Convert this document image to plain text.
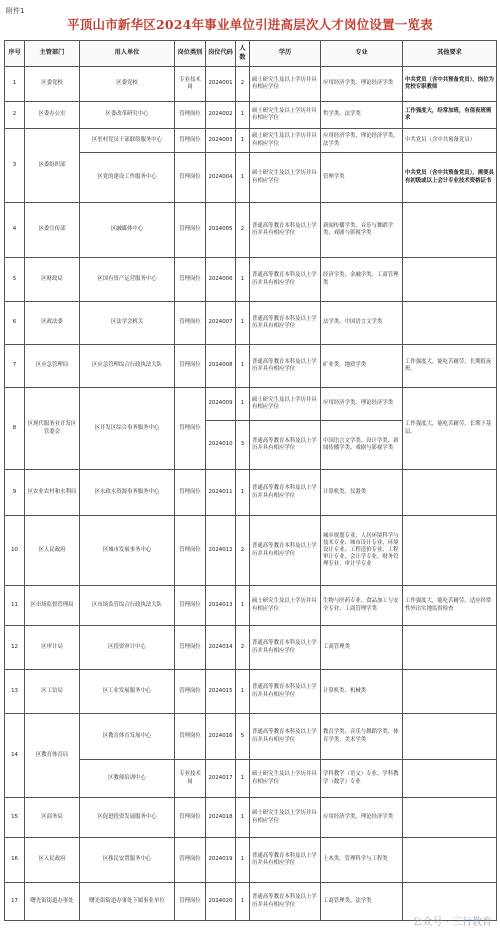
附件1
平顶山市新华区2024年事业单位引进高层次人才岗位设置一览表
序号	主管部门	用人单位	岗位类别	岗位代码	人数	学历	专业	其他要求
1	区委党校	区委党校	专业技术岗	2024001	2	硕士研究生及以上学历并具有相应学位	应用经济学类、理论经济学类	中共党员（含中共预备党员），岗位为党校专职教师
2	区委办公室	区委改革研究中心	管理岗位	2024002	1	硕士研究生及以上学历并具有相应学位	哲学类、法学类	工作强度大，经常加班，有值夜班需求
3	区委组织部	区驻村党员干部联络服务中心	管理岗位	2024003	1	硕士研究生及以上学历并具有相应学位	应用经济学类、理论经济学类、法学类	中共党员（含中共预备党员）
		区党的建设工作服务中心	管理岗位	2024004	1	硕士研究生及以上学历并具有相应学位	管理学类	中共党员（含中共预备党员），需要具有初级或以上会计专业技术资格证书
4	区委宣传部	区融媒体中心	管理岗位	2024005	2	普通高等教育本科及以上学历并具有相应学位	新闻传播学类、音乐与舞蹈学类、戏剧与影视学类	
5	区财政局	区国有资产运营服务中心	管理岗位	2024006	1	普通高等教育本科及以上学历并具有相应学位	经济学类、金融学类、工商管理类	
6	区政法委	区法学会机关	管理岗位	2024007	1	普通高等教育本科及以上学历并具有相应学位	法学类、中国语言文学类	
7	区应急管理局	区应急管理综合行政执法大队	管理岗位	2024008	1	普通高等教育本科及以上学历并具有相应学位	矿业类、地质学类	工作强度大，能吃苦耐劳，长期值夜班。
8	区现代服务业开发区管委会	区开发区综合事务服务中心	管理岗位	2024009	1	硕士研究生及以上学历并具有相应学位	应用经济学类、理论经济学类	工作强度大，能吃苦耐劳，长期下基层。
				2024010	3	普通高等教育本科及以上学历并具有相应学位	中国语言文学类、设计学类、新闻传播学类、戏剧与影视学类	
9	区农业农村和水利局	区水政水资源事务服务中心	管理岗位	2024011	1	普通高等教育本科及以上学历并具有相应学位	计算机类、仪器类	
10	区人民政府	区城市发展事务中心	管理岗位	2024012	2	普通高等教育本科及以上学历并具有相应学位	城乡规划专业、人居环境科学与技术专业、城市设计专业、环境设计专业、工程造价专业、工程审计专业、会计学专业、财务管理专业、审计学专业	
11	区市场监督管理局	区市场监管综合行政执法大队	管理岗位	2024013	1	硕士研究生及以上学历并具有相应学位	生物与医药专业、食品加工与安全专业、工商管理学类	工作强度大，能吃苦耐劳，适应经常性外出实地监督检查
12	区审计局	区投资审计中心	管理岗位	2024014	2	普通高等教育本科及以上学历并具有相应学位	工商管理类	
13	区工信局	区工业发展服务中心	管理岗位	2024015	1	普通高等教育本科及以上学历并具有相应学位	计算机类、机械类	
14	区教育体育局	区教育体育发展中心	管理岗位	2024016	5	普通高等教育本科及以上学历并具有相应学位	教育学类、音乐与舞蹈学类、体育学类、美术学类	
		区教师培训中心	专业技术岗	2024017	1	硕士研究生及以上学历并具有相应学位	学科教学（语文）专业、学科教学（数学）专业	
15	区商务局	区促进投资发展服务中心	管理岗位	2024018	1	硕士研究生及以上学历并具有相应学位	应用经济学类、理论经济学类	
16	区人民政府	区移民安置服务中心	管理岗位	2024019	1	普通高等教育本科及以上学历并具有相应学位	土木类、管理科学与工程类	
17	曙光街街道办事处	曙光街街道办事处下属事业单位	管理岗位	2024020	1	普通高等教育本科及以上学历并具有相应学位	工商管理类、法学类	
公众号 · 三行教育
